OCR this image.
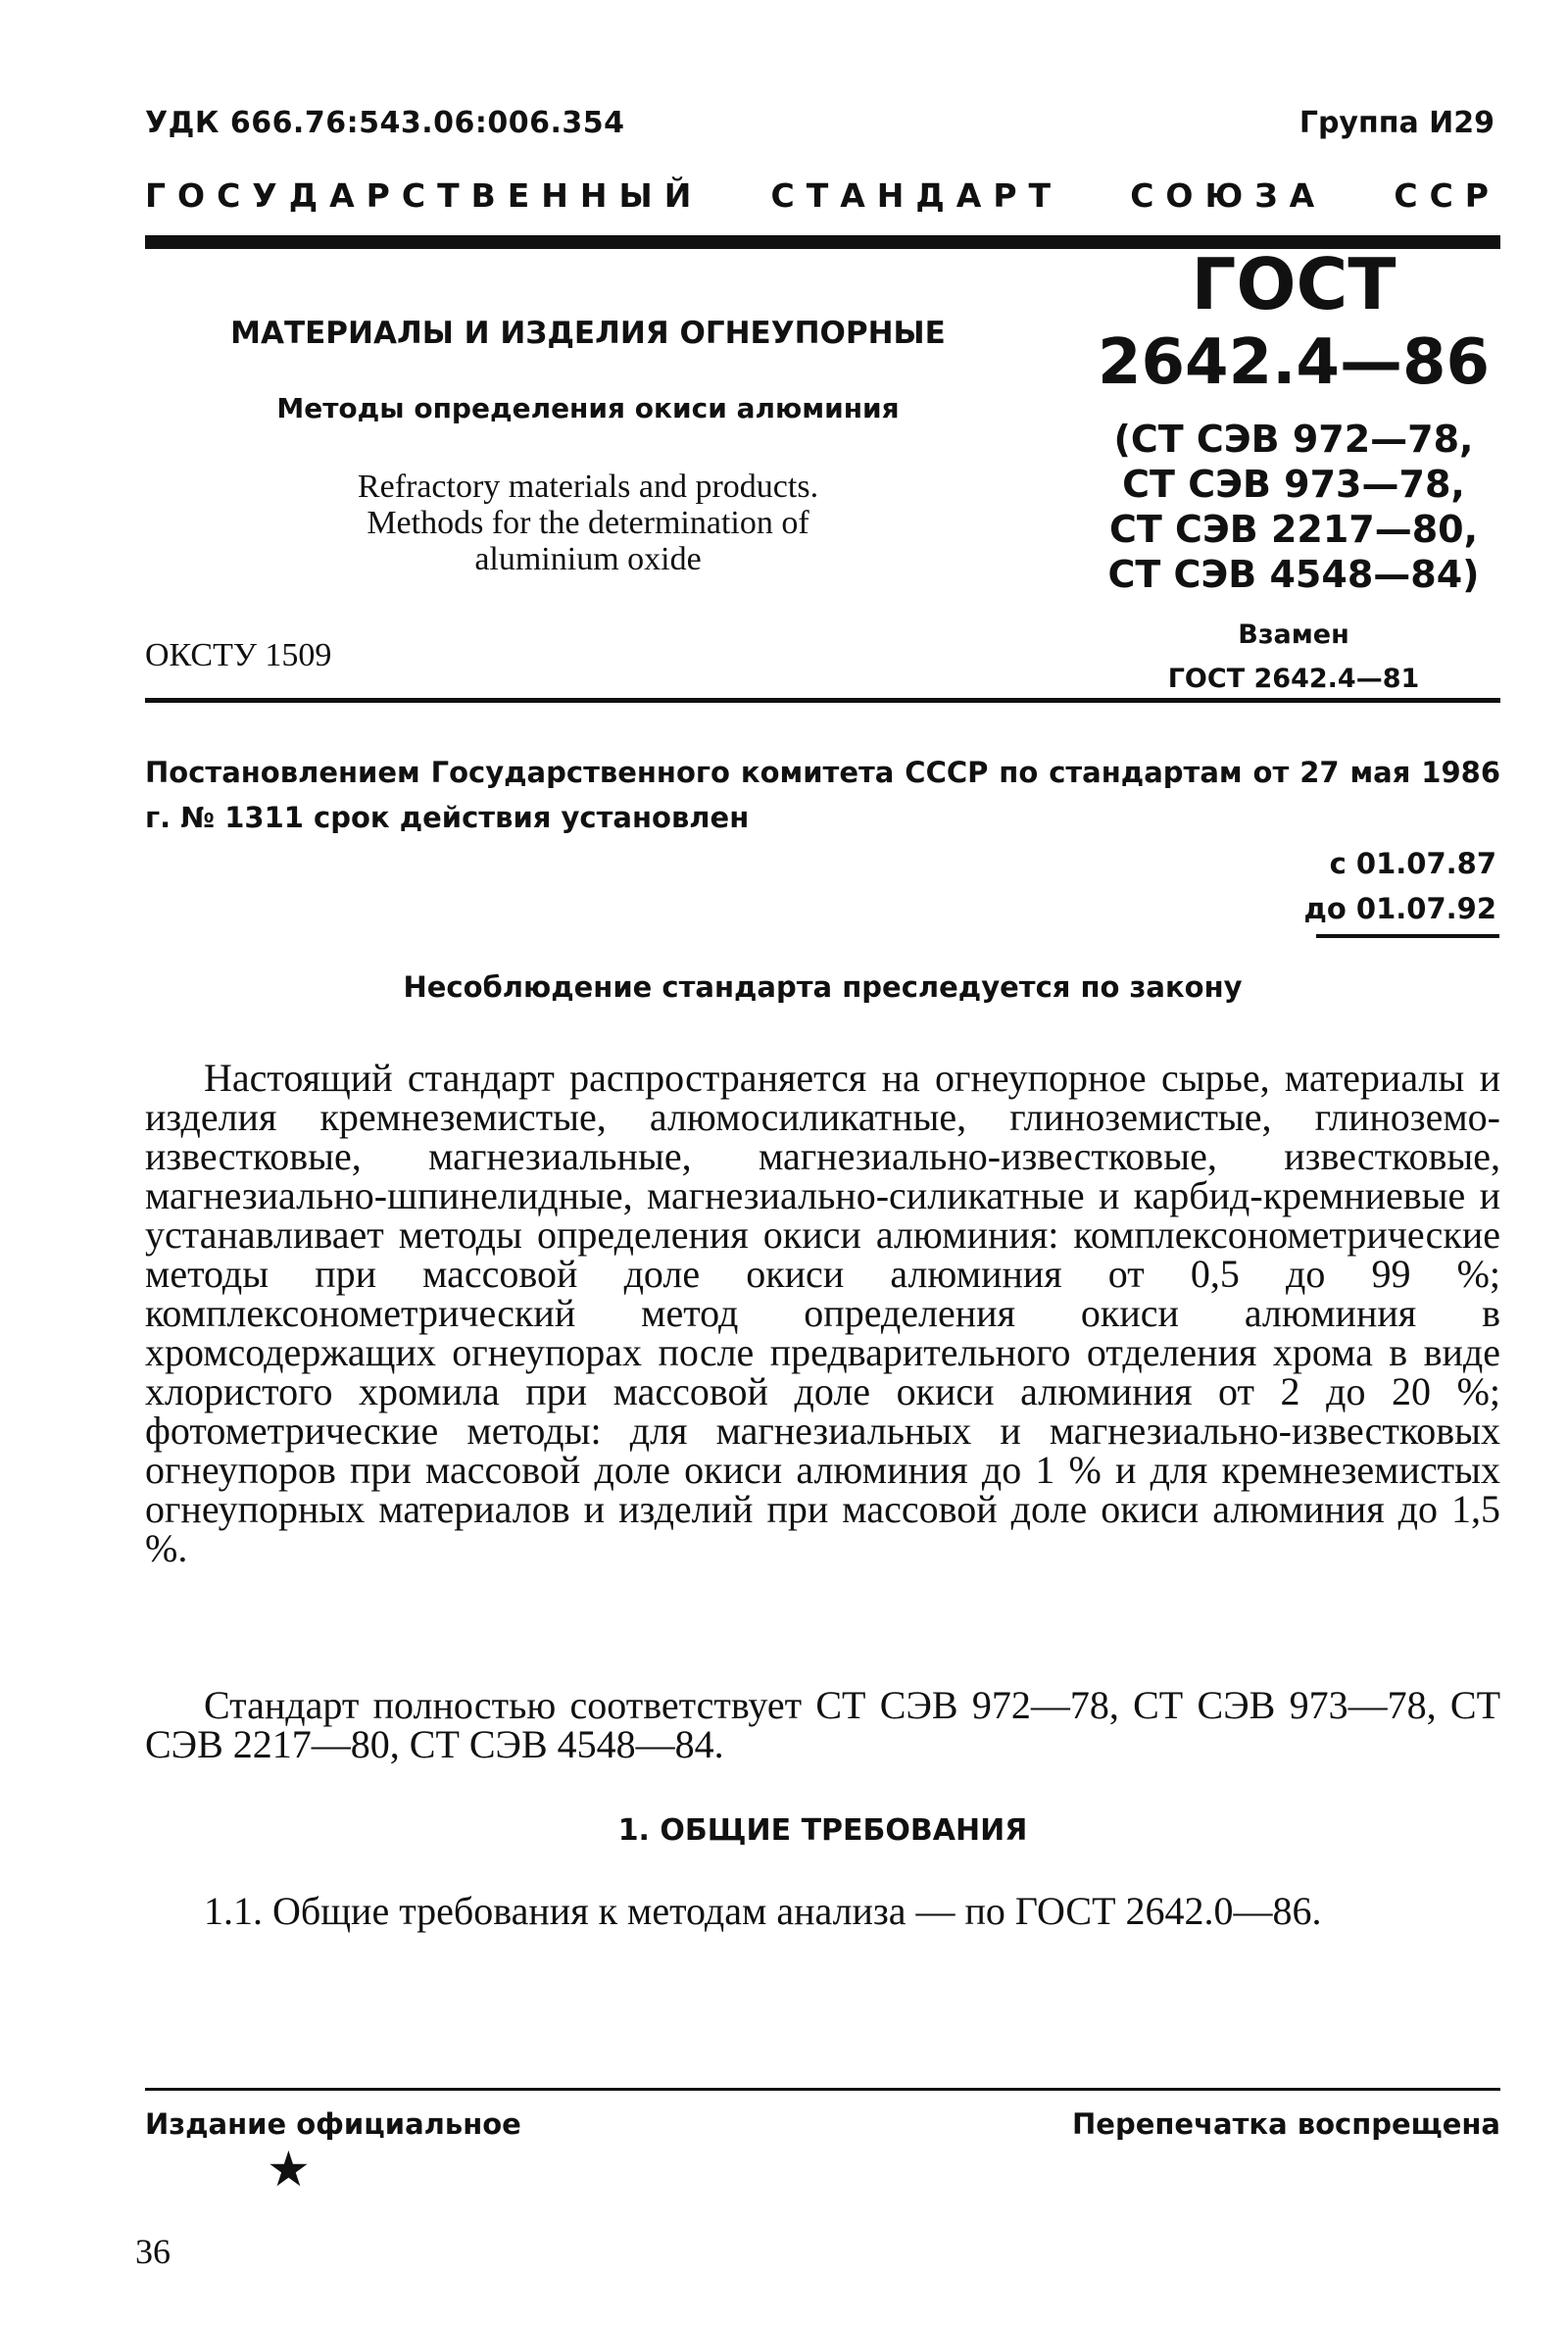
УДК 666.76:543.06:006.354	Группа И29
ГОСУДАРСТВЕННЫЙ СТАНДАРТ СОЮЗА ССР
МАТЕРИАЛЫ И ИЗДЕЛИЯ ОГНЕУПОРНЫЕ
Методы определения окиси алюминия
Refractory materials and products.
Methods for the determination of
aluminium oxide
ОКСТУ 1509
ГОСТ
2642.4—86
(СТ СЭВ 972—78,
СТ СЭВ 973—78,
СТ СЭВ 2217—80,
СТ СЭВ 4548—84)
Взамен
ГОСТ 2642.4—81
Постановлением Государственного комитета СССР по стандартам от 27 мая 1986 г. № 1311 срок действия установлен
с 01.07.87
до 01.07.92
Несоблюдение стандарта преследуется по закону
Настоящий стандарт распространяется на огнеупорное сырье, материалы и изделия кремнеземистые, алюмосиликатные, глиноземистые, глиноземо-известковые, магнезиальные, магнезиально-известковые, известковые, магнезиально-шпинелидные, магнезиально-силикатные и карбид-кремниевые и устанавливает методы определения окиси алюминия: комплексонометрические методы при массовой доле окиси алюминия от 0,5 до 99 %; комплексонометрический метод определения окиси алюминия в хромсодержащих огнеупорах после предварительного отделения хрома в виде хлористого хромила при массовой доле окиси алюминия от 2 до 20 %; фотометрические методы: для магнезиальных и магнезиально-известковых огнеупоров при массовой доле окиси алюминия до 1 % и для кремнеземистых огнеупорных материалов и изделий при массовой доле окиси алюминия до 1,5 %.
Стандарт полностью соответствует СТ СЭВ 972—78, СТ СЭВ 973—78, СТ СЭВ 2217—80, СТ СЭВ 4548—84.
1. ОБЩИЕ ТРЕБОВАНИЯ
1.1. Общие требования к методам анализа — по ГОСТ 2642.0—86.
Издание официальное	Перепечатка воспрещена
★
36
